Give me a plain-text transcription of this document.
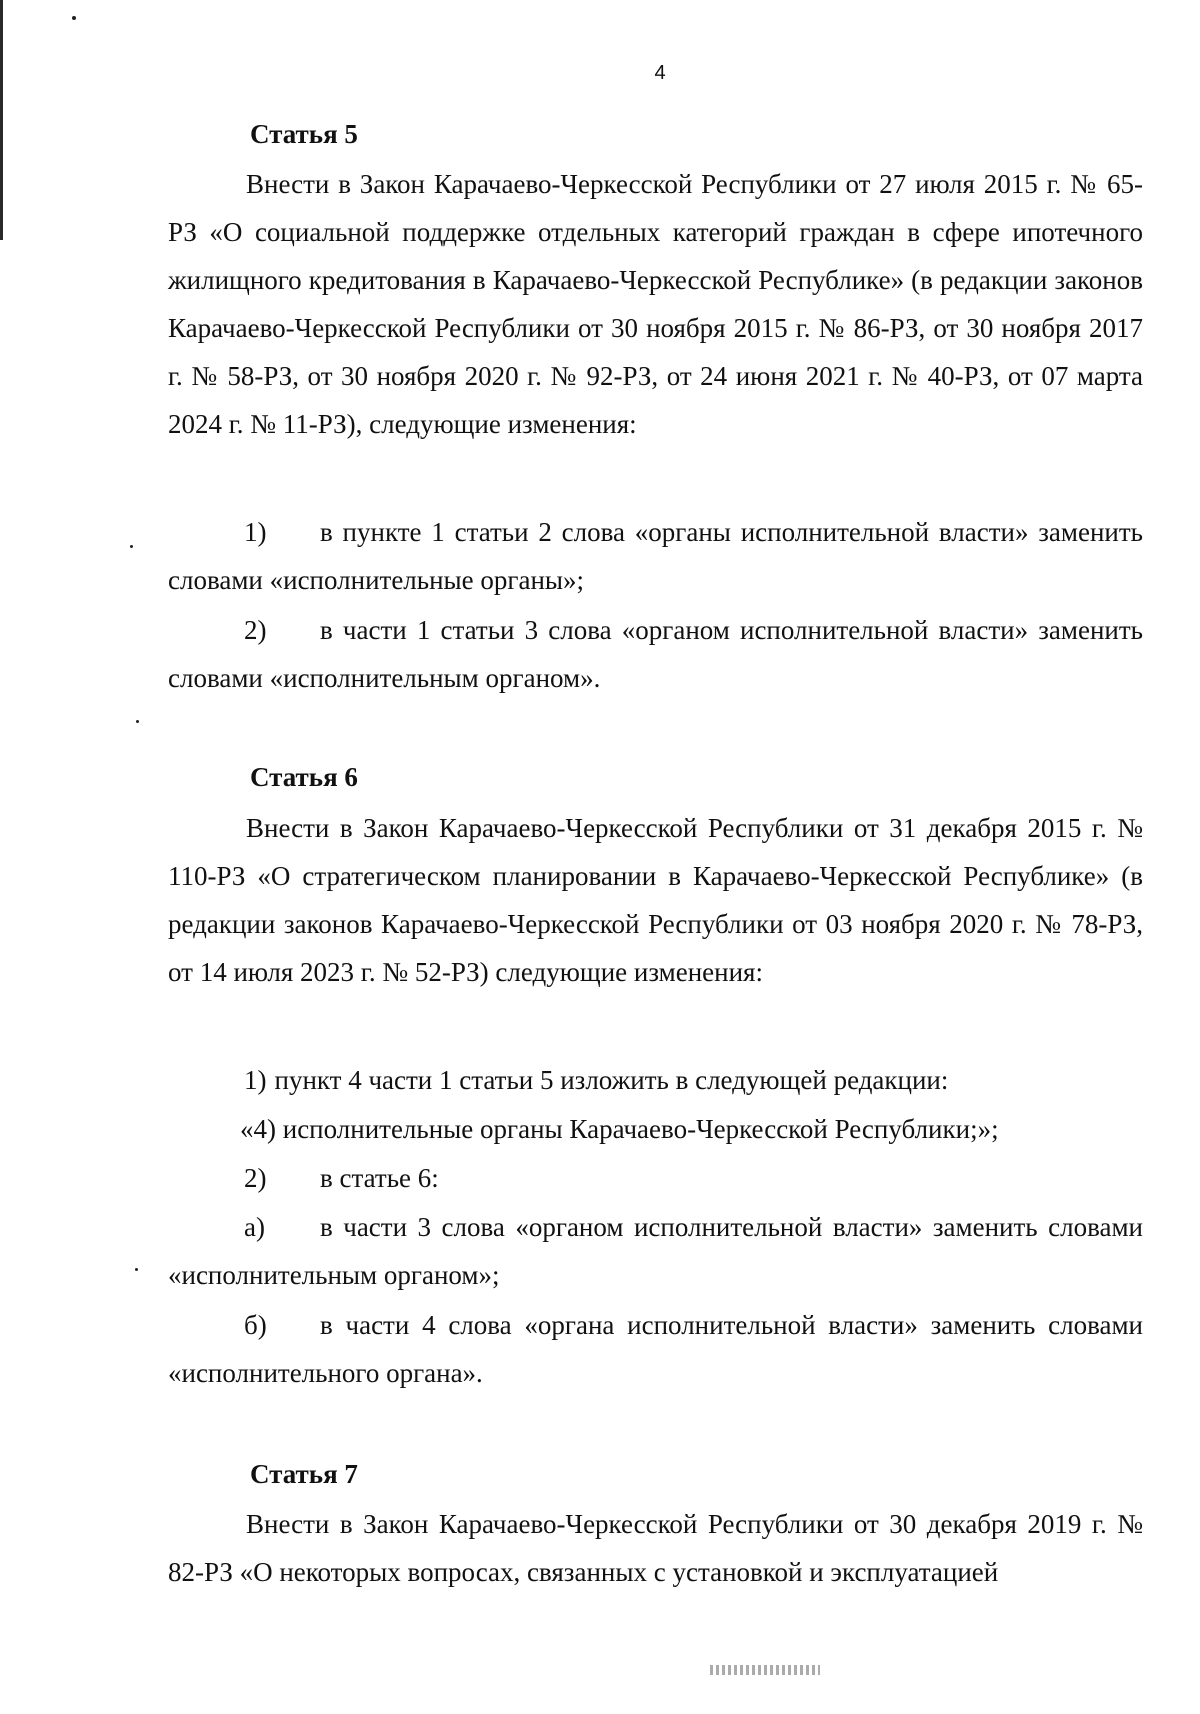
4

Статья 5

Внести в Закон Карачаево-Черкесской Республики от 27 июля 2015 г. № 65-РЗ «О социальной поддержке отдельных категорий граждан в сфере ипотечного жилищного кредитования в Карачаево-Черкесской Республике» (в редакции законов Карачаево-Черкесской Республики от 30 ноября 2015 г. № 86-РЗ, от 30 ноября 2017 г. № 58-РЗ, от 30 ноября 2020 г. № 92-РЗ, от 24 июня 2021 г. № 40-РЗ, от 07 марта 2024 г. № 11-РЗ), следующие изменения:

1) в пункте 1 статьи 2 слова «органы исполнительной власти» заменить словами «исполнительные органы»;

2) в части 1 статьи 3 слова «органом исполнительной власти» заменить словами «исполнительным органом».

Статья 6

Внести в Закон Карачаево-Черкесской Республики от 31 декабря 2015 г. № 110-РЗ «О стратегическом планировании в Карачаево-Черкесской Республике» (в редакции законов Карачаево-Черкесской Республики от 03 ноября 2020 г. № 78-РЗ, от 14 июля 2023 г. № 52-РЗ) следующие изменения:

1) пункт 4 части 1 статьи 5 изложить в следующей редакции:

«4) исполнительные органы Карачаево-Черкесской Республики;»;

2) в статье 6:

а) в части 3 слова «органом исполнительной власти» заменить словами «исполнительным органом»;

б) в части 4 слова «органа исполнительной власти» заменить словами «исполнительного органа».

Статья 7

Внести в Закон Карачаево-Черкесской Республики от 30 декабря 2019 г. № 82-РЗ «О некоторых вопросах, связанных с установкой и эксплуатацией
